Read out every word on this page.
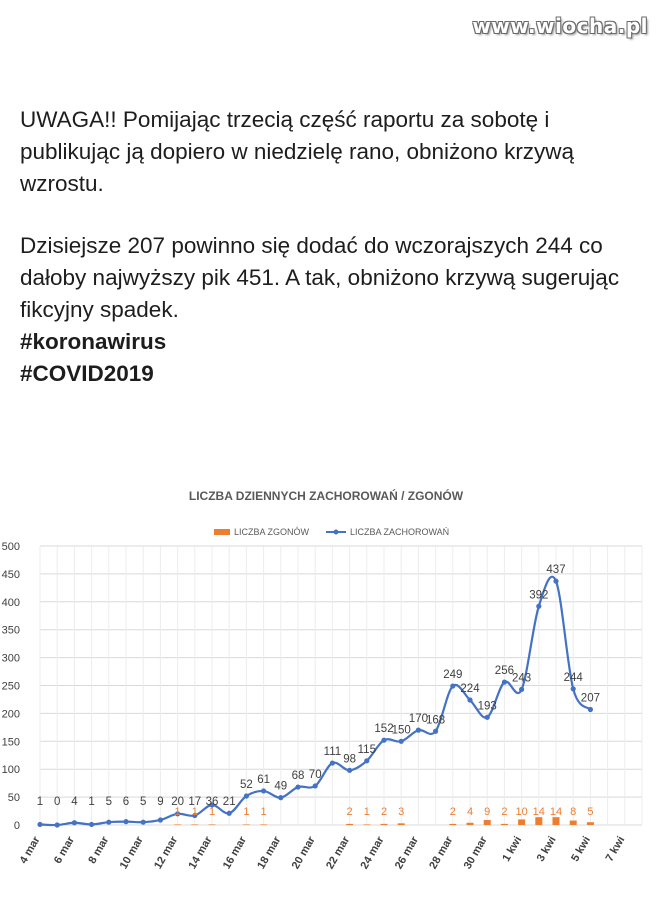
www.wiocha.pl

UWAGA!! Pomijając trzecią część raportu za sobotę i publikując ją dopiero w niedzielę rano, obniżono krzywą wzrostu.

Dzisiejsze 207 powinno się dodać do wczorajszych 244 co dałoby najwyższy pik 451. A tak, obniżono krzywą sugerując fikcyjny spadek.

#koronawirus
#COVID2019
LICZBA DZIENNYCH ZACHOROWAŃ / ZGONÓW
LICZBA ZGONÓW	LICZBA ZACHOROWAŃ
0
50
100
150
200
250
300
350
400
450
500
4 mar 6 mar 8 mar 10 mar 12 mar 14 mar 16 mar 18 mar 20 mar 22 mar 24 mar 26 mar 28 mar 30 mar 1 kwi 3 kwi 5 kwi 7 kwi
1 1 1	1 1	2 1 2 3	2 4 9 2 10 14 14 8 5
1 0 4 1 5 6 5 9 20 17 36 21
52 61
49
68 70
111
98
115
152
150
170
168
249
224
193
256
243
392
437
244
207
